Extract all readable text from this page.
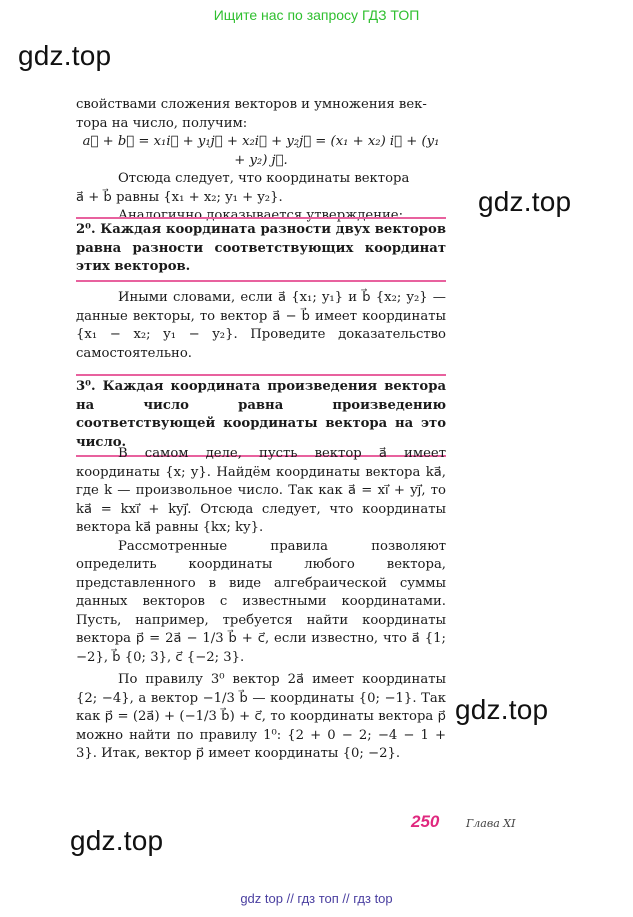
Ищите нас по запросу ГДЗ ТОП
gdz.top
gdz.top
gdz.top
gdz.top

свойствами сложения векторов и умножения век-

тора на число, получим:

a⃗ + b⃗ = x₁i⃗ + y₁j⃗ + x₂i⃗ + y₂j⃗ = (x₁ + x₂) i⃗ + (y₁ + y₂) j⃗.

Отсюда следует, что координаты вектора

a⃗ + b⃗ равны {x₁ + x₂; y₁ + y₂}.

Аналогично доказывается утверждение:

2⁰. Каждая координата разности двух векторов равна разности соответствующих координат этих векторов.

Иными словами, если a⃗ {x₁; y₁} и b⃗ {x₂; y₂} — данные векторы, то вектор a⃗ − b⃗ имеет координаты {x₁ − x₂; y₁ − y₂}. Проведите доказательство самостоятельно.

3⁰. Каждая координата произведения вектора на число равна произведению соответствующей координаты вектора на это число.

В самом деле, пусть вектор a⃗ имеет координаты {x; y}. Найдём координаты вектора ka⃗, где k — произвольное число. Так как a⃗ = xi⃗ + yj⃗, то ka⃗ = kxi⃗ + kyj⃗. Отсюда следует, что координаты вектора ka⃗ равны {kx; ky}.

Рассмотренные правила позволяют определить координаты любого вектора, представленного в виде алгебраической суммы данных векторов с известными координатами. Пусть, например, требуется найти координаты вектора p⃗ = 2a⃗ − 1/3 b⃗ + c⃗, если известно, что a⃗ {1; −2}, b⃗ {0; 3}, c⃗ {−2; 3}.

По правилу 3⁰ вектор 2a⃗ имеет координаты {2; −4}, а вектор −1/3 b⃗ — координаты {0; −1}. Так как p⃗ = (2a⃗) + (−1/3 b⃗) + c⃗, то координаты вектора p⃗ можно найти по правилу 1⁰: {2 + 0 − 2; −4 − 1 + 3}. Итак, вектор p⃗ имеет координаты {0; −2}.

250 Глава XI
gdz top // гдз топ // гдз top
